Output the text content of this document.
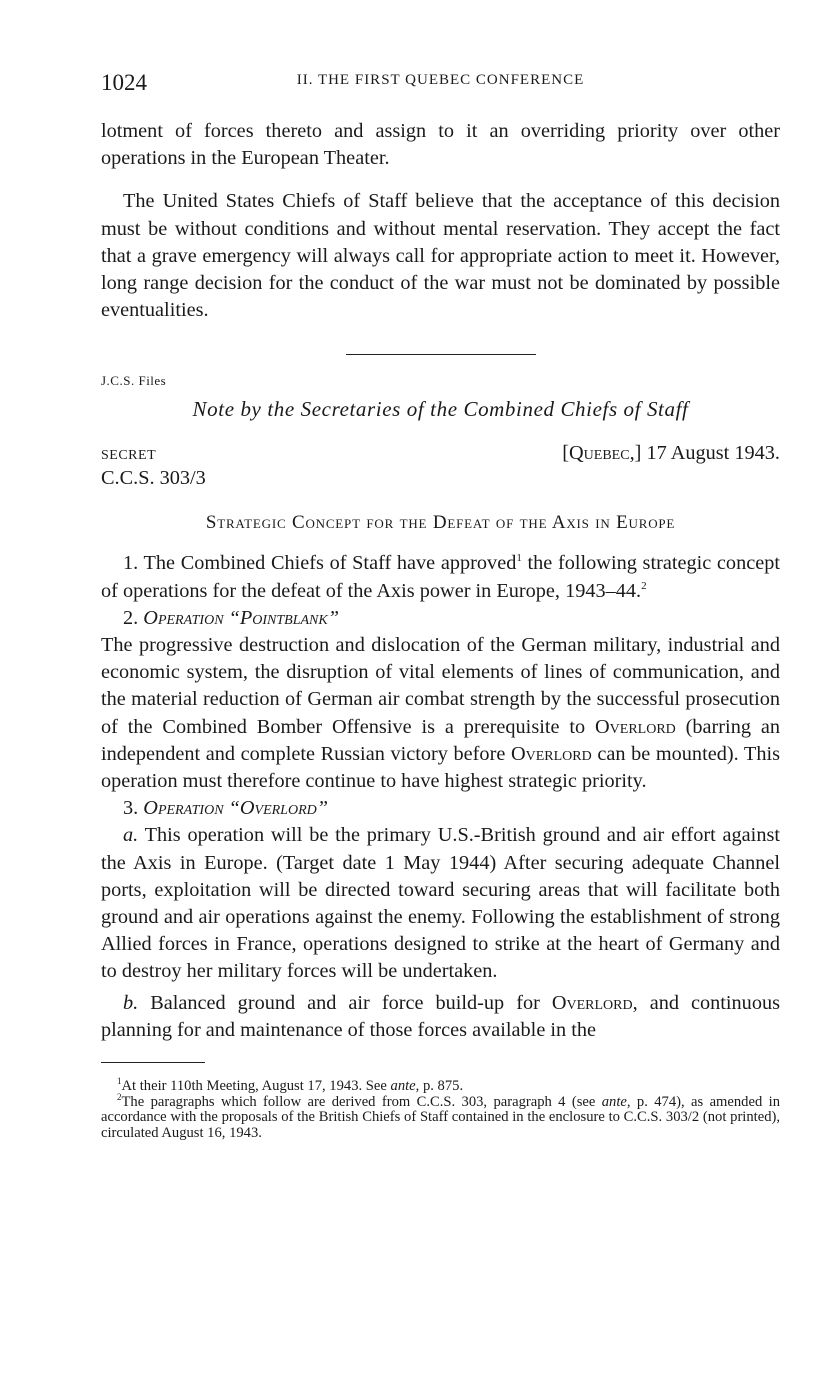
1024	II. THE FIRST QUEBEC CONFERENCE

lotment of forces thereto and assign to it an overriding priority over other operations in the European Theater.

The United States Chiefs of Staff believe that the acceptance of this decision must be without conditions and without mental reservation. They accept the fact that a grave emergency will always call for appropriate action to meet it. However, long range decision for the conduct of the war must not be dominated by possible eventualities.

J.C.S. Files
Note by the Secretaries of the Combined Chiefs of Staff
SECRET	[Quebec,] 17 August 1943.
C.C.S. 303/3
Strategic Concept for the Defeat of the Axis in Europe

1. The Combined Chiefs of Staff have approved$^1$ the following strategic concept of operations for the defeat of the Axis power in Europe, 1943–44.$^2$

2. Operation “Pointblank”

The progressive destruction and dislocation of the German military, industrial and economic system, the disruption of vital elements of lines of communication, and the material reduction of German air combat strength by the successful prosecution of the Combined Bomber Offensive is a prerequisite to Overlord (barring an independent and complete Russian victory before Overlord can be mounted). This operation must therefore continue to have highest strategic priority.

3. Operation “Overlord”

a. This operation will be the primary U.S.-British ground and air effort against the Axis in Europe. (Target date 1 May 1944) After securing adequate Channel ports, exploitation will be directed toward securing areas that will facilitate both ground and air operations against the enemy. Following the establishment of strong Allied forces in France, operations designed to strike at the heart of Germany and to destroy her military forces will be undertaken.

b. Balanced ground and air force build-up for Overlord, and continuous planning for and maintenance of those forces available in the

$^1$At their 110th Meeting, August 17, 1943. See ante, p. 875.
$^2$The paragraphs which follow are derived from C.C.S. 303, paragraph 4 (see ante, p. 474), as amended in accordance with the proposals of the British Chiefs of Staff contained in the enclosure to C.C.S. 303/2 (not printed), circulated August 16, 1943.
